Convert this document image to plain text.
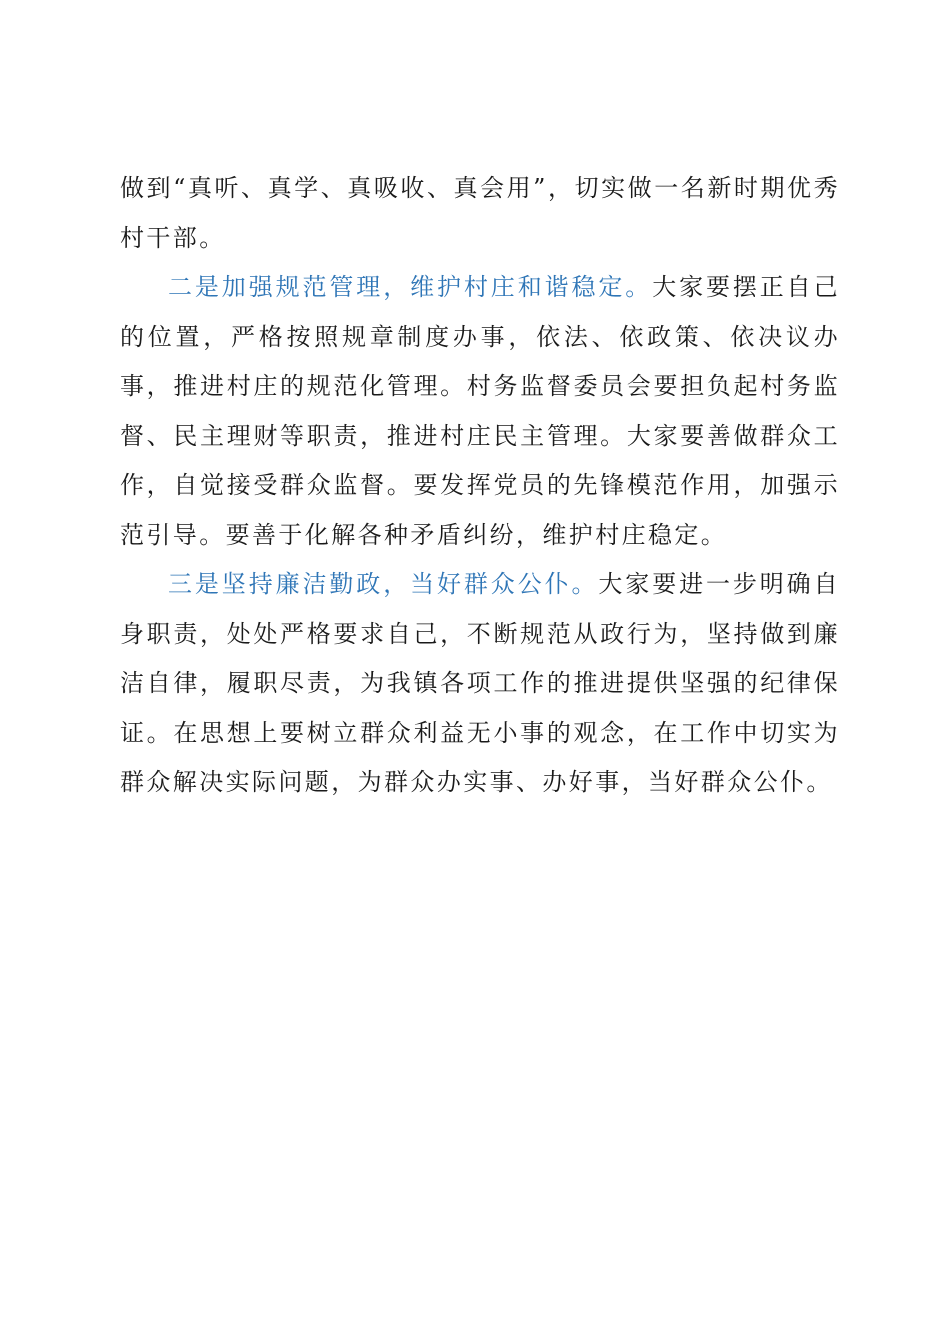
做到“真听、真学、真吸收、真会用”，切实做一名新时期优秀村干部。

二是加强规范管理，维护村庄和谐稳定。大家要摆正自己的位置，严格按照规章制度办事，依法、依政策、依决议办事，推进村庄的规范化管理。村务监督委员会要担负起村务监督、民主理财等职责，推进村庄民主管理。大家要善做群众工作，自觉接受群众监督。要发挥党员的先锋模范作用，加强示范引导。要善于化解各种矛盾纠纷，维护村庄稳定。

三是坚持廉洁勤政，当好群众公仆。大家要进一步明确自身职责，处处严格要求自己，不断规范从政行为，坚持做到廉洁自律，履职尽责，为我镇各项工作的推进提供坚强的纪律保证。在思想上要树立群众利益无小事的观念，在工作中切实为群众解决实际问题，为群众办实事、办好事，当好群众公仆。
